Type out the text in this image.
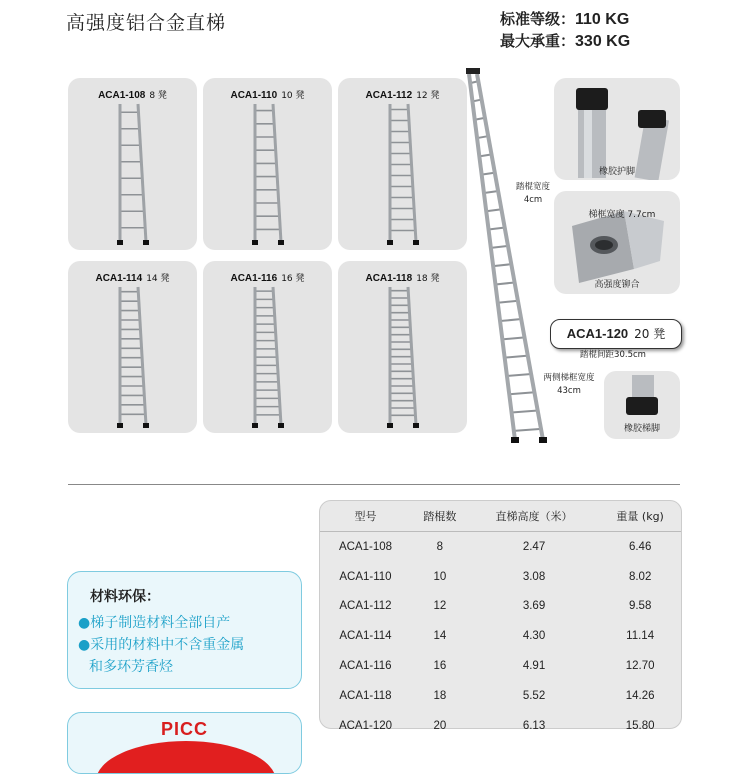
高强度铝合金直梯	标准等级：110 KG
最大承重：330 KG
ACA1-108 8 凳	ACA1-110 10 凳	ACA1-112 12 凳
ACA1-114 14 凳	ACA1-116 16 凳	ACA1-118 18 凳
踏棍宽度
4cm
橡胶护脚
梯框宽度 7.7cm
高强度铆合
ACA1-120 20 凳
踏棍间距30.5cm
两侧梯框宽度
43cm
橡胶梯脚
型号	踏棍数	直梯高度（米）	重量 (kg)
ACA1-108	8	2.47	6.46
ACA1-110	10	3.08	8.02
ACA1-112	12	3.69	9.58
ACA1-114	14	4.30	11.14
ACA1-116	16	4.91	12.70
ACA1-118	18	5.52	14.26
ACA1-120	20	6.13	15.80
材料环保：
●梯子制造材料全部自产
●采用的材料中不含重金属
和多环芳香烃
PICC
